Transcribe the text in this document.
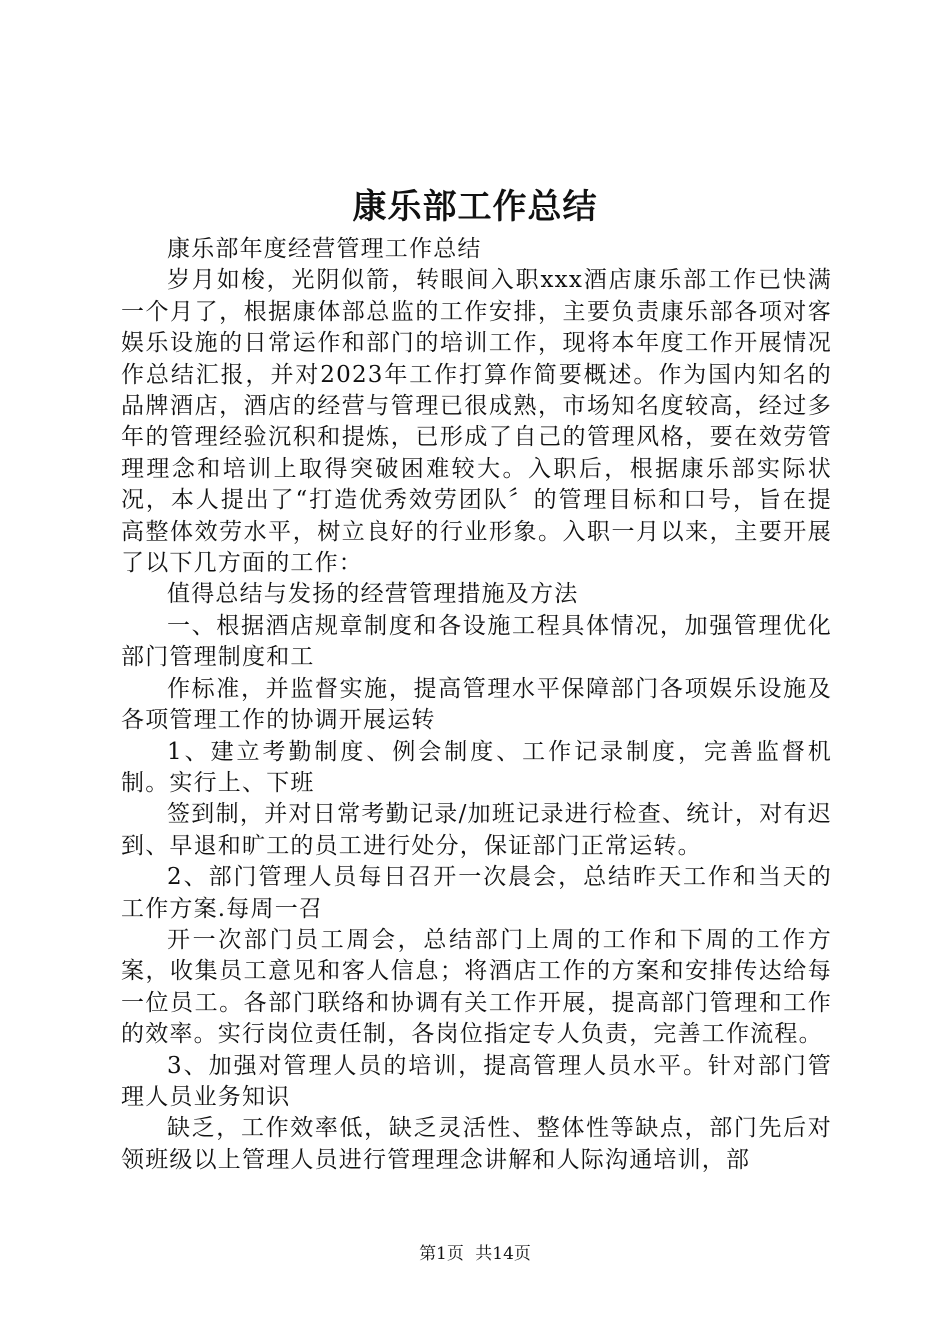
康乐部工作总结

康乐部年度经营管理工作总结

岁月如梭，光阴似箭，转眼间入职xxx酒店康乐部工作已快满一个月了，根据康体部总监的工作安排，主要负责康乐部各项对客娱乐设施的日常运作和部门的培训工作，现将本年度工作开展情况作总结汇报，并对2023年工作打算作简要概述。作为国内知名的品牌酒店，酒店的经营与管理已很成熟，市场知名度较高，经过多年的管理经验沉积和提炼，已形成了自己的管理风格，要在效劳管理理念和培训上取得突破困难较大。入职后，根据康乐部实际状况，本人提出了“打造优秀效劳团队〞的管理目标和口号，旨在提高整体效劳水平，树立良好的行业形象。入职一月以来，主要开展了以下几方面的工作：

值得总结与发扬的经营管理措施及方法

一、根据酒店规章制度和各设施工程具体情况，加强管理优化部门管理制度和工

作标准，并监督实施，提高管理水平保障部门各项娱乐设施及各项管理工作的协调开展运转

1、建立考勤制度、例会制度、工作记录制度，完善监督机制。实行上、下班

签到制，并对日常考勤记录/加班记录进行检查、统计，对有迟到、早退和旷工的员工进行处分，保证部门正常运转。

2、部门管理人员每日召开一次晨会，总结昨天工作和当天的工作方案.每周一召

开一次部门员工周会，总结部门上周的工作和下周的工作方案，收集员工意见和客人信息；将酒店工作的方案和安排传达给每一位员工。各部门联络和协调有关工作开展，提高部门管理和工作的效率。实行岗位责任制，各岗位指定专人负责，完善工作流程。

3、加强对管理人员的培训，提高管理人员水平。针对部门管理人员业务知识

缺乏，工作效率低，缺乏灵活性、整体性等缺点，部门先后对领班级以上管理人员进行管理理念讲解和人际沟通培训，部

第1页 共14页
